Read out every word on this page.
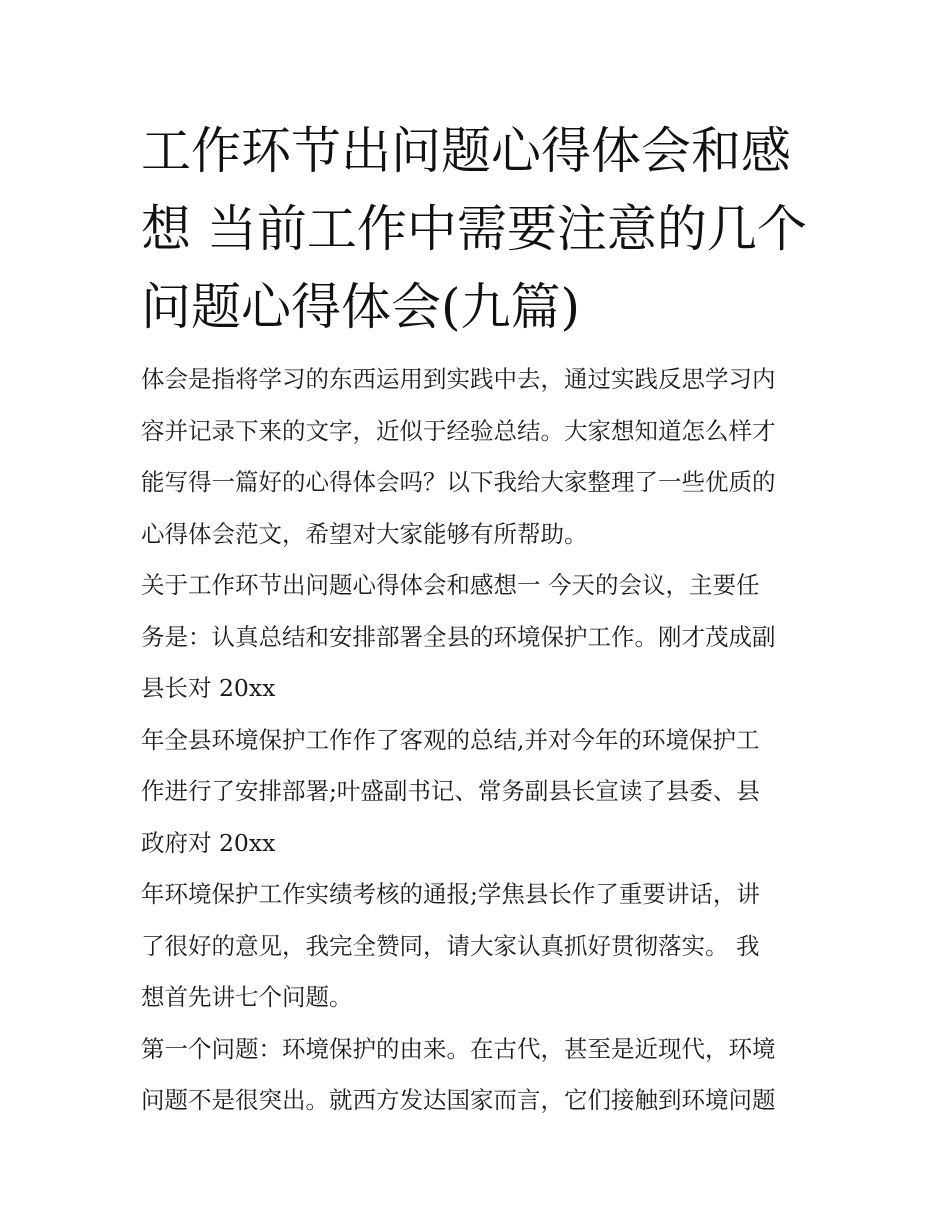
工作环节出问题心得体会和感
想 当前工作中需要注意的几个
问题心得体会(九篇)
体会是指将学习的东西运用到实践中去，通过实践反思学习内
容并记录下来的文字，近似于经验总结。大家想知道怎么样才
能写得一篇好的心得体会吗？以下我给大家整理了一些优质的
心得体会范文，希望对大家能够有所帮助。
关于工作环节出问题心得体会和感想一 今天的会议，主要任
务是：认真总结和安排部署全县的环境保护工作。刚才茂成副
县长对 20xx
年全县环境保护工作作了客观的总结,并对今年的环境保护工
作进行了安排部署;叶盛副书记、常务副县长宣读了县委、县
政府对 20xx
年环境保护工作实绩考核的通报;学焦县长作了重要讲话，讲
了很好的意见，我完全赞同，请大家认真抓好贯彻落实。 我
想首先讲七个问题。
第一个问题：环境保护的由来。在古代，甚至是近现代，环境
问题不是很突出。就西方发达国家而言，它们接触到环境问题
